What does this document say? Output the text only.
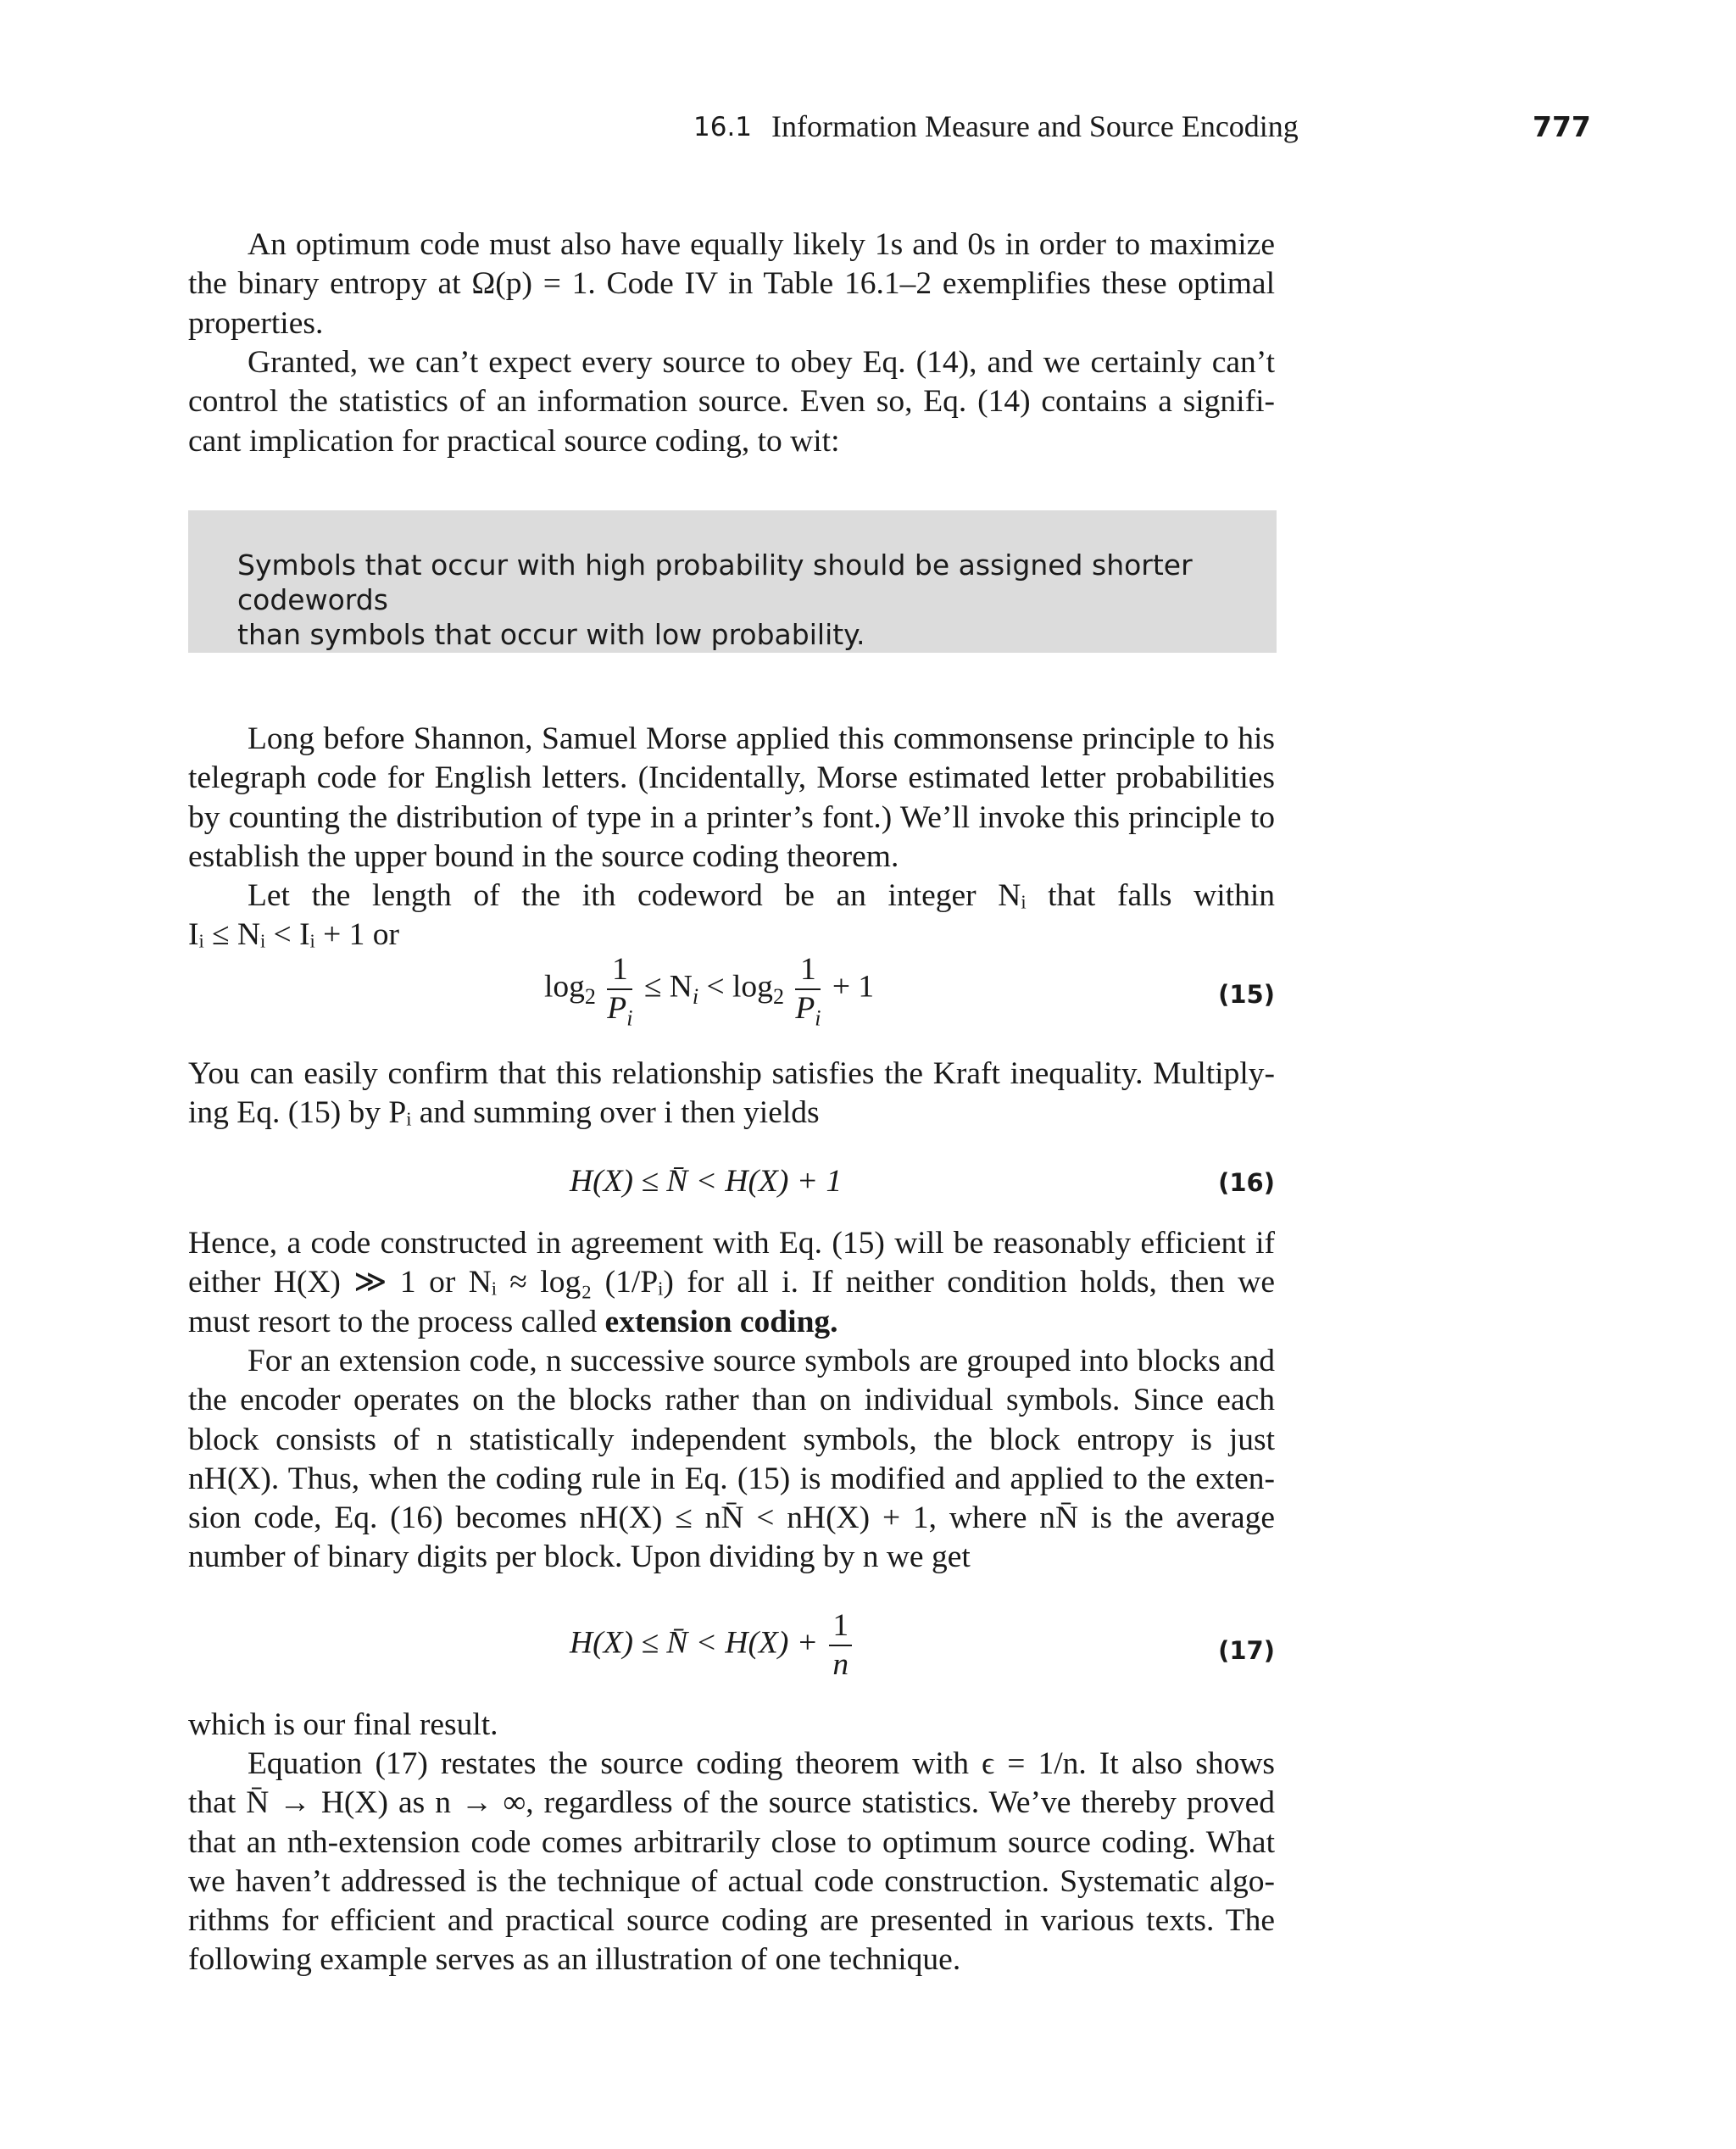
16.1 Information Measure and Source Encoding	777
An optimum code must also have equally likely 1s and 0s in order to maximize
the binary entropy at Ω(p) = 1. Code IV in Table 16.1–2 exemplifies these optimal
properties.
Granted, we can’t expect every source to obey Eq. (14), and we certainly can’t
control the statistics of an information source. Even so, Eq. (14) contains a signifi-
cant implication for practical source coding, to wit:
Symbols that occur with high probability should be assigned shorter codewords
than symbols that occur with low probability.
Long before Shannon, Samuel Morse applied this commonsense principle to his
telegraph code for English letters. (Incidentally, Morse estimated letter probabilities
by counting the distribution of type in a printer’s font.) We’ll invoke this principle to
establish the upper bound in the source coding theorem.
Let the length of the ith codeword be an integer Nᵢ that falls within
Iᵢ ≤ Nᵢ < Iᵢ + 1 or
$\log_2 \frac{1}{P_i} \le N_i < \log_2 \frac{1}{P_i} + 1$	(15)
You can easily confirm that this relationship satisfies the Kraft inequality. Multiply-
ing Eq. (15) by Pᵢ and summing over i then yields
H(X) ≤ N̄ < H(X) + 1	(16)
Hence, a code constructed in agreement with Eq. (15) will be reasonably efficient if
either H(X) ≫ 1 or Nᵢ ≈ log₂ (1/Pᵢ) for all i. If neither condition holds, then we
must resort to the process called extension coding.
For an extension code, n successive source symbols are grouped into blocks and
the encoder operates on the blocks rather than on individual symbols. Since each
block consists of n statistically independent symbols, the block entropy is just
nH(X). Thus, when the coding rule in Eq. (15) is modified and applied to the exten-
sion code, Eq. (16) becomes nH(X) ≤ nN̄ < nH(X) + 1, where nN̄ is the average
number of binary digits per block. Upon dividing by n we get
H(X) ≤ N̄ < $H(X) + \frac{1}{n}$	(17)
which is our final result.
Equation (17) restates the source coding theorem with ϵ = 1/n. It also shows
that N̄ → H(X) as n → ∞, regardless of the source statistics. We’ve thereby proved
that an nth-extension code comes arbitrarily close to optimum source coding. What
we haven’t addressed is the technique of actual code construction. Systematic algo-
rithms for efficient and practical source coding are presented in various texts. The
following example serves as an illustration of one technique.
